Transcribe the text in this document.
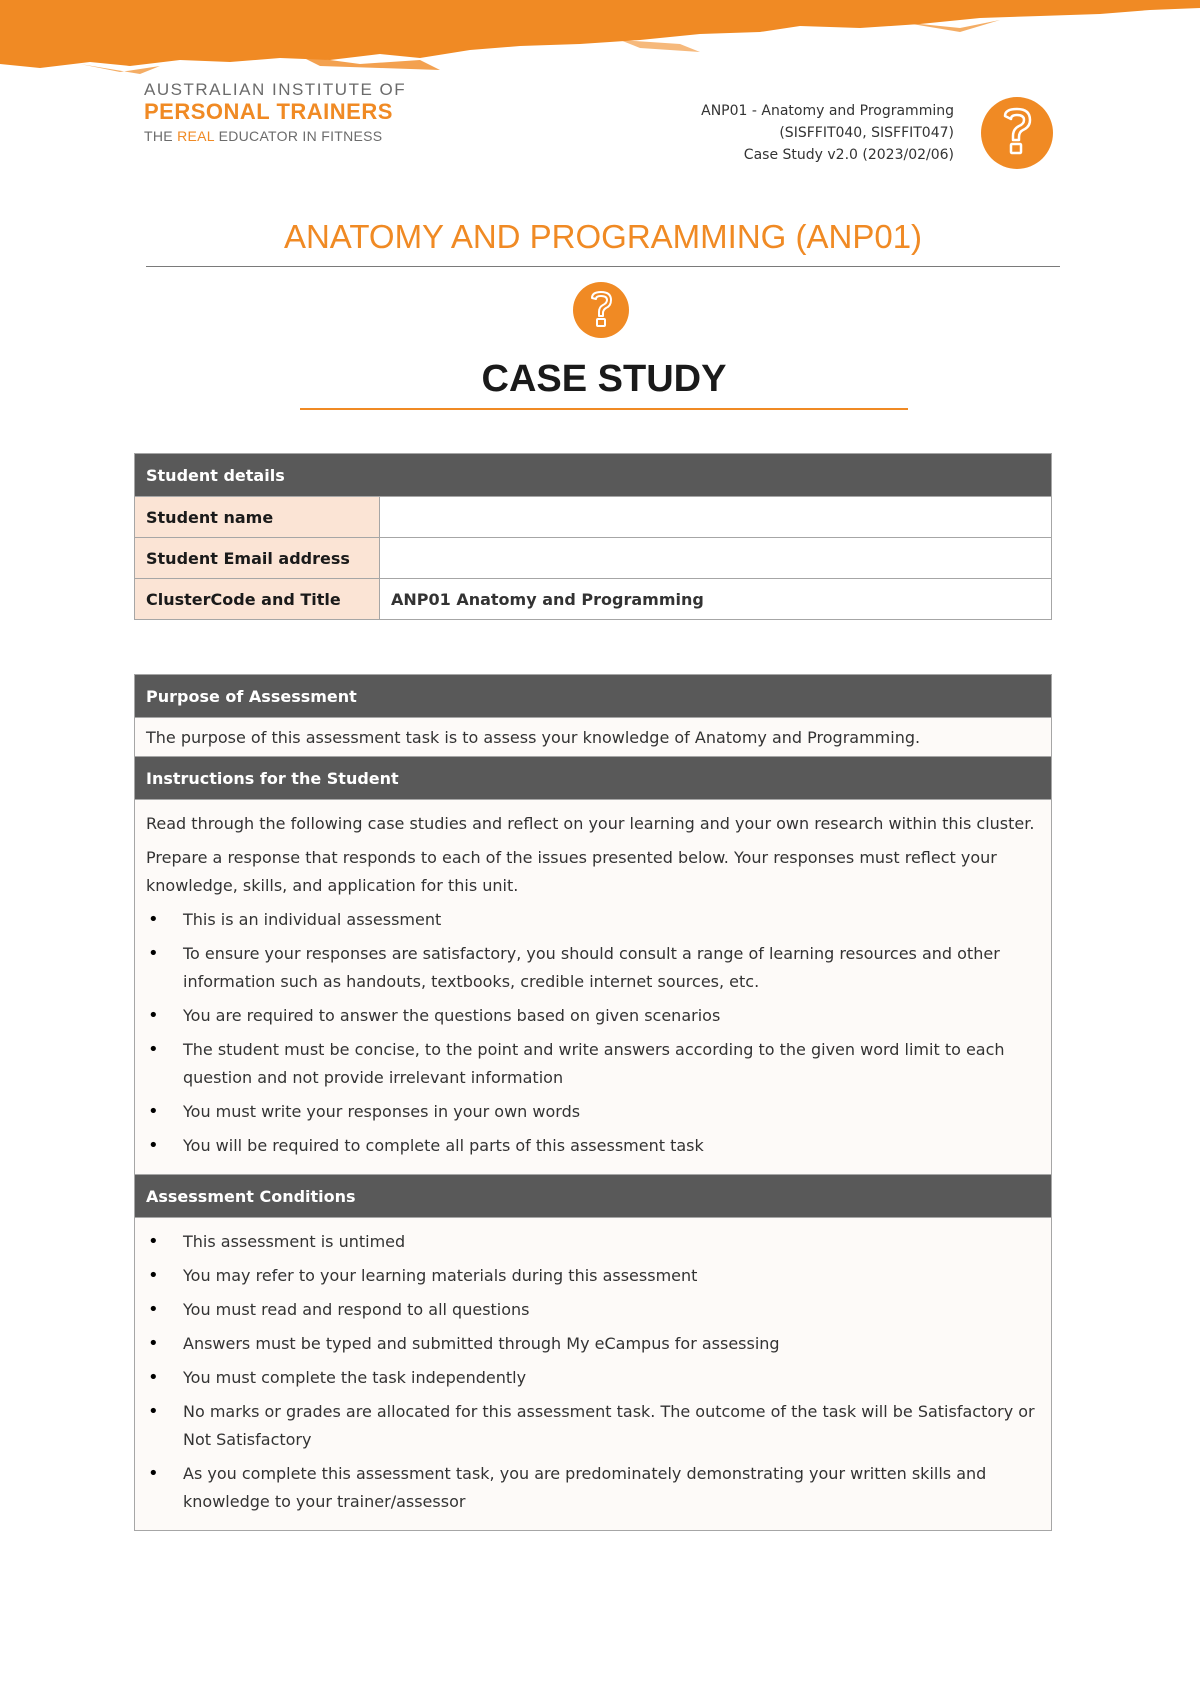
AUSTRALIAN INSTITUTE OF
PERSONAL TRAINERS
THE REAL EDUCATOR IN FITNESS
ANP01 - Anatomy and Programming
(SISFFIT040, SISFFIT047)
Case Study v2.0 (2023/02/06)
ANATOMY AND PROGRAMMING (ANP01)
CASE STUDY
Student details	
Student name	
Student Email address	
ClusterCode and Title	ANP01 Anatomy and Programming
Purpose of Assessment
The purpose of this assessment task is to assess your knowledge of Anatomy and Programming.
Instructions for the Student

Read through the following case studies and reflect on your learning and your own research within this cluster.

Prepare a response that responds to each of the issues presented below. Your responses must reflect your knowledge, skills, and application for this unit.

• This is an individual assessment
• To ensure your responses are satisfactory, you should consult a range of learning resources and other information such as handouts, textbooks, credible internet sources, etc.
• You are required to answer the questions based on given scenarios
• The student must be concise, to the point and write answers according to the given word limit to each question and not provide irrelevant information
• You must write your responses in your own words
• You will be required to complete all parts of this assessment task

Assessment Conditions

• This assessment is untimed
• You may refer to your learning materials during this assessment
• You must read and respond to all questions
• Answers must be typed and submitted through My eCampus for assessing
• You must complete the task independently
• No marks or grades are allocated for this assessment task. The outcome of the task will be Satisfactory or Not Satisfactory
• As you complete this assessment task, you are predominately demonstrating your written skills and knowledge to your trainer/assessor
